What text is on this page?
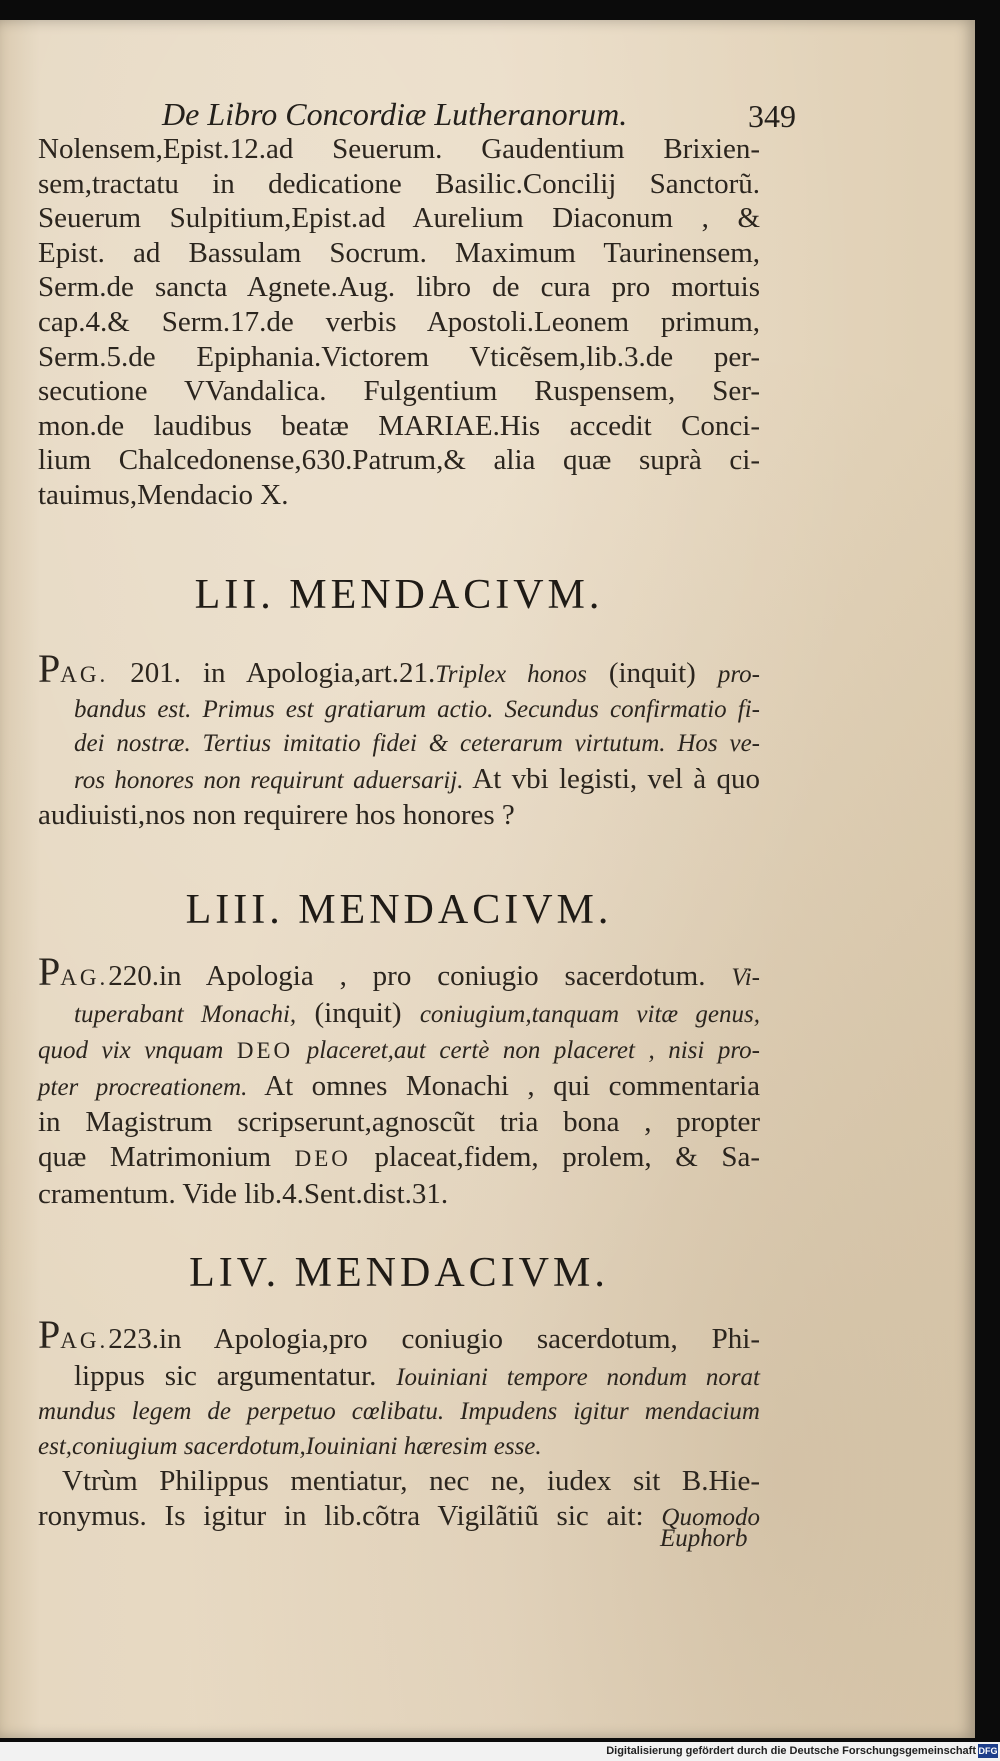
De Libro Concordiæ Lutheranorum.	349
Nolensem,Epist.12.ad Seuerum. Gaudentium Brixien-
sem,tractatu in dedicatione Basilic.Concilij Sanctorũ.
Seuerum Sulpitium,Epist.ad Aurelium Diaconum , &
Epist. ad Bassulam Socrum. Maximum Taurinensem,
Serm.de sancta Agnete.Aug. libro de cura pro mortuis
cap.4.& Serm.17.de verbis Apostoli.Leonem primum,
Serm.5.de Epiphania.Victorem Vticẽsem,lib.3.de per-
secutione VVandalica. Fulgentium Ruspensem, Ser-
mon.de laudibus beatæ MARIAE.His accedit Conci-
lium Chalcedonense,630.Patrum,& alia quæ suprà ci-
tauimus,Mendacio X.
LII. MENDACIVM.
PAG. 201. in Apologia,art.21.Triplex honos (inquit) pro-
bandus est. Primus est gratiarum actio. Secundus confirmatio fi-
dei nostræ. Tertius imitatio fidei & ceterarum virtutum. Hos ve-
ros honores non requirunt aduersarij. At vbi legisti, vel à quo
audiuisti,nos non requirere hos honores ?
LIII. MENDACIVM.
PAG.220.in Apologia , pro coniugio sacerdotum. Vi-
tuperabant Monachi, (inquit) coniugium,tanquam vitæ genus,
quod vix vnquam DEO placeret,aut certè non placeret , nisi pro-
pter procreationem. At omnes Monachi , qui commentaria
in Magistrum scripserunt,agnoscũt tria bona , propter
quæ Matrimonium DEO placeat,fidem, prolem, & Sa-
cramentum. Vide lib.4.Sent.dist.31.
LIV. MENDACIVM.
PAG.223.in Apologia,pro coniugio sacerdotum, Phi-
lippus sic argumentatur. Iouiniani tempore nondum norat
mundus legem de perpetuo cœlibatu. Impudens igitur mendacium
est,coniugium sacerdotum,Iouiniani hæresim esse.
Vtrùm Philippus mentiatur, nec ne, iudex sit B.Hie-
ronymus. Is igitur in lib.cõtra Vigilãtiũ sic ait: Quomodo
Euphorb
Digitalisierung gefördert durch die Deutsche Forschungsgemeinschaft DFG
